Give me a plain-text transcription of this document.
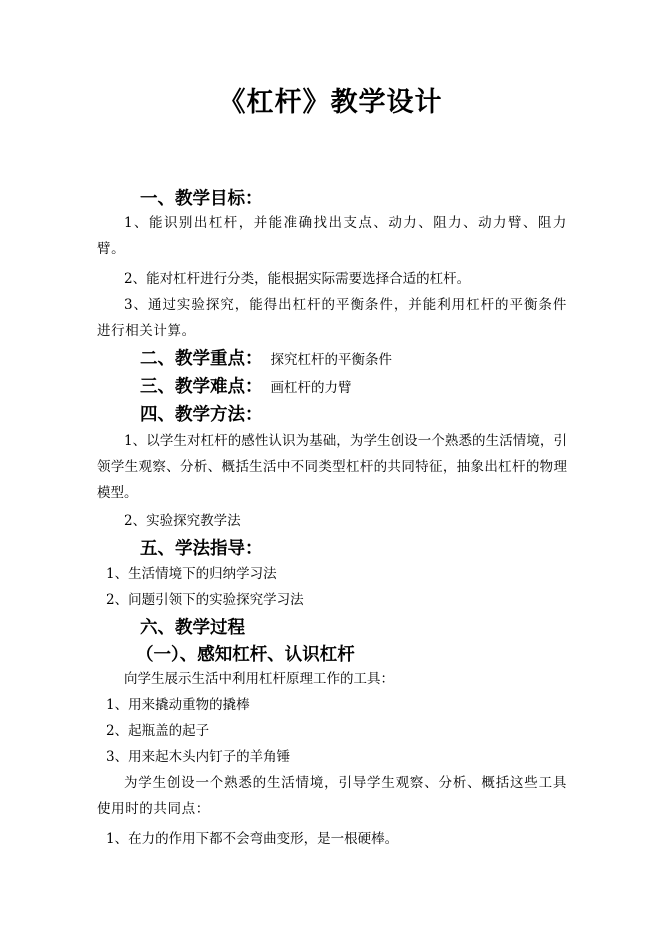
《杠杆》教学设计
一、教学目标：
1、能识别出杠杆，并能准确找出支点、动力、阻力、动力臂、阻力臂。
2、能对杠杆进行分类，能根据实际需要选择合适的杠杆。
3、通过实验探究，能得出杠杆的平衡条件，并能利用杠杆的平衡条件进行相关计算。
二、教学重点： 探究杠杆的平衡条件
三、教学难点： 画杠杆的力臂
四、教学方法：
1、以学生对杠杆的感性认识为基础，为学生创设一个熟悉的生活情境，引领学生观察、分析、概括生活中不同类型杠杆的共同特征，抽象出杠杆的物理模型。
2、实验探究教学法
五、学法指导：
1、生活情境下的归纳学习法
2、问题引领下的实验探究学习法
六、教学过程
（一）、感知杠杆、认识杠杆
向学生展示生活中利用杠杆原理工作的工具：
1、用来撬动重物的撬棒
2、起瓶盖的起子
3、用来起木头内钉子的羊角锤
为学生创设一个熟悉的生活情境，引导学生观察、分析、概括这些工具使用时的共同点：
1、在力的作用下都不会弯曲变形，是一根硬棒。
